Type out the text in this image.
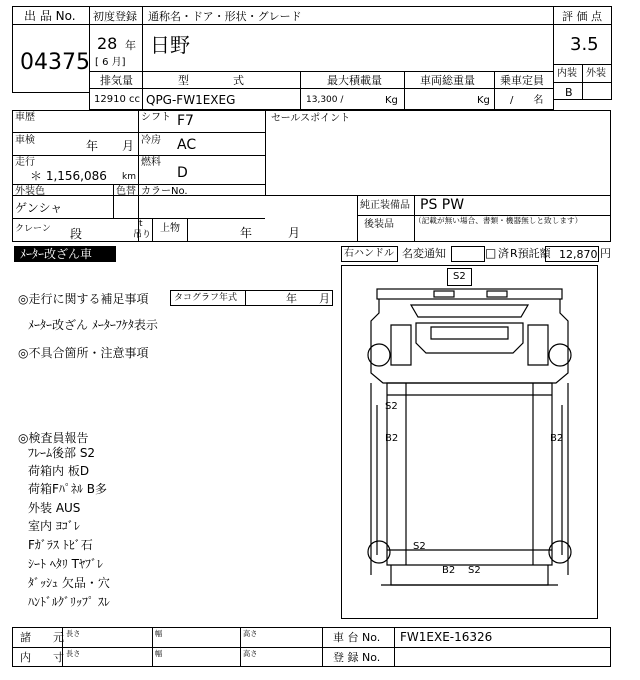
出 品 No.
04375
初度登録 通称名・ドア・形状・グレード
28 年
[ 6 月]
日野
評 価 点
3.5
内装 外装
B
排気量	型　　　　式	最大積載量	車両総重量 乗車定員
12910 cc QPG-FW1EXEG	13,300 /	Kg	Kg /　　名
車歴	シフト F7
車検	年　　月 冷房 AC
走行
＊ 1,156,086 km
燃料
D
外装色
ゲンシャ
色替 カラーNo.
セールスポイント
純正装備品 PS PW
後装品 （記載が無い場合、書類・機器無しと致します）
クレーン 段
t
吊り
上物	年　　　月
ﾒｰﾀｰ改ざん車	右ハンドル 名変通知	□ 済 R預託額 12,870 円
◎走行に関する補足事項	タコグラフ年式	年　　月
ﾒｰﾀｰ改ざん ﾒｰﾀｰﾌｹﾀ表示
◎不具合箇所・注意事項
◎検査員報告
ﾌﾚｰﾑ後部 S2
荷箱内 板D
荷箱Fﾊﾟﾈﾙ B多
外装 AUS
室内 ﾖｺﾞﾚ
Fｶﾞﾗｽ ﾄﾋﾞ石
ｼｰﾄ ﾍﾀﾘ Tﾔﾌﾞﾚ
ﾀﾞｯｼｭ 欠品・穴
ﾊﾝﾄﾞﾙｸﾞﾘｯﾌﾟ ｽﾚ
S2
S2
B2	B2
S2
B2 S2
諸　　元
内　　寸
長さ	幅	高さ
長さ	幅	高さ
車 台 No. FW1EXE-16326
登 録 No.
